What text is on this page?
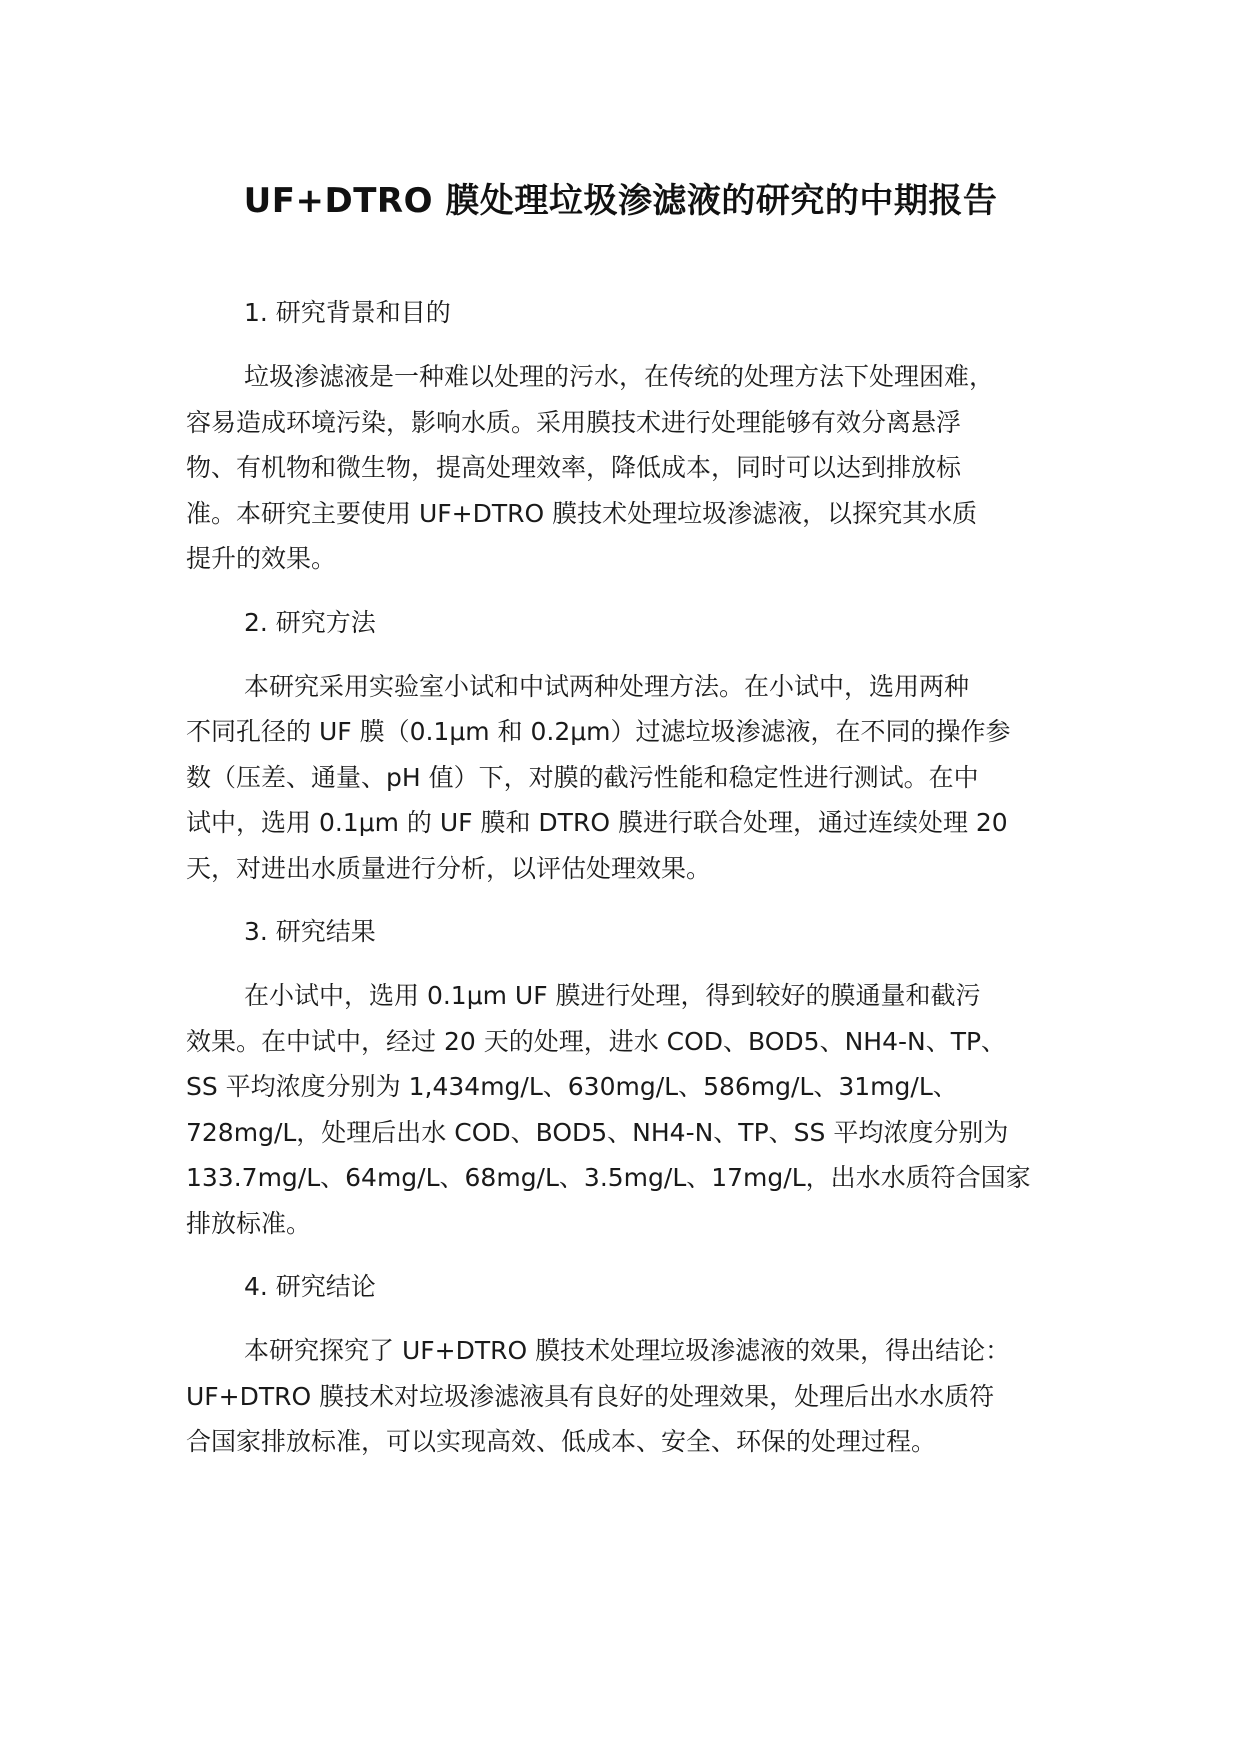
UF+DTRO 膜处理垃圾渗滤液的研究的中期报告
1. 研究背景和目的
垃圾渗滤液是一种难以处理的污水，在传统的处理方法下处理困难，
容易造成环境污染，影响水质。采用膜技术进行处理能够有效分离悬浮
物、有机物和微生物，提高处理效率，降低成本，同时可以达到排放标
准。本研究主要使用 UF+DTRO 膜技术处理垃圾渗滤液，以探究其水质
提升的效果。
2. 研究方法
本研究采用实验室小试和中试两种处理方法。在小试中，选用两种
不同孔径的 UF 膜（0.1μm 和 0.2μm）过滤垃圾渗滤液，在不同的操作参
数（压差、通量、pH 值）下，对膜的截污性能和稳定性进行测试。在中
试中，选用 0.1μm 的 UF 膜和 DTRO 膜进行联合处理，通过连续处理 20
天，对进出水质量进行分析，以评估处理效果。
3. 研究结果
在小试中，选用 0.1μm UF 膜进行处理，得到较好的膜通量和截污
效果。在中试中，经过 20 天的处理，进水 COD、BOD5、NH4-N、TP、
SS 平均浓度分别为 1,434mg/L、630mg/L、586mg/L、31mg/L、
728mg/L，处理后出水 COD、BOD5、NH4-N、TP、SS 平均浓度分别为
133.7mg/L、64mg/L、68mg/L、3.5mg/L、17mg/L，出水水质符合国家
排放标准。
4. 研究结论
本研究探究了 UF+DTRO 膜技术处理垃圾渗滤液的效果，得出结论：
UF+DTRO 膜技术对垃圾渗滤液具有良好的处理效果，处理后出水水质符
合国家排放标准，可以实现高效、低成本、安全、环保的处理过程。
